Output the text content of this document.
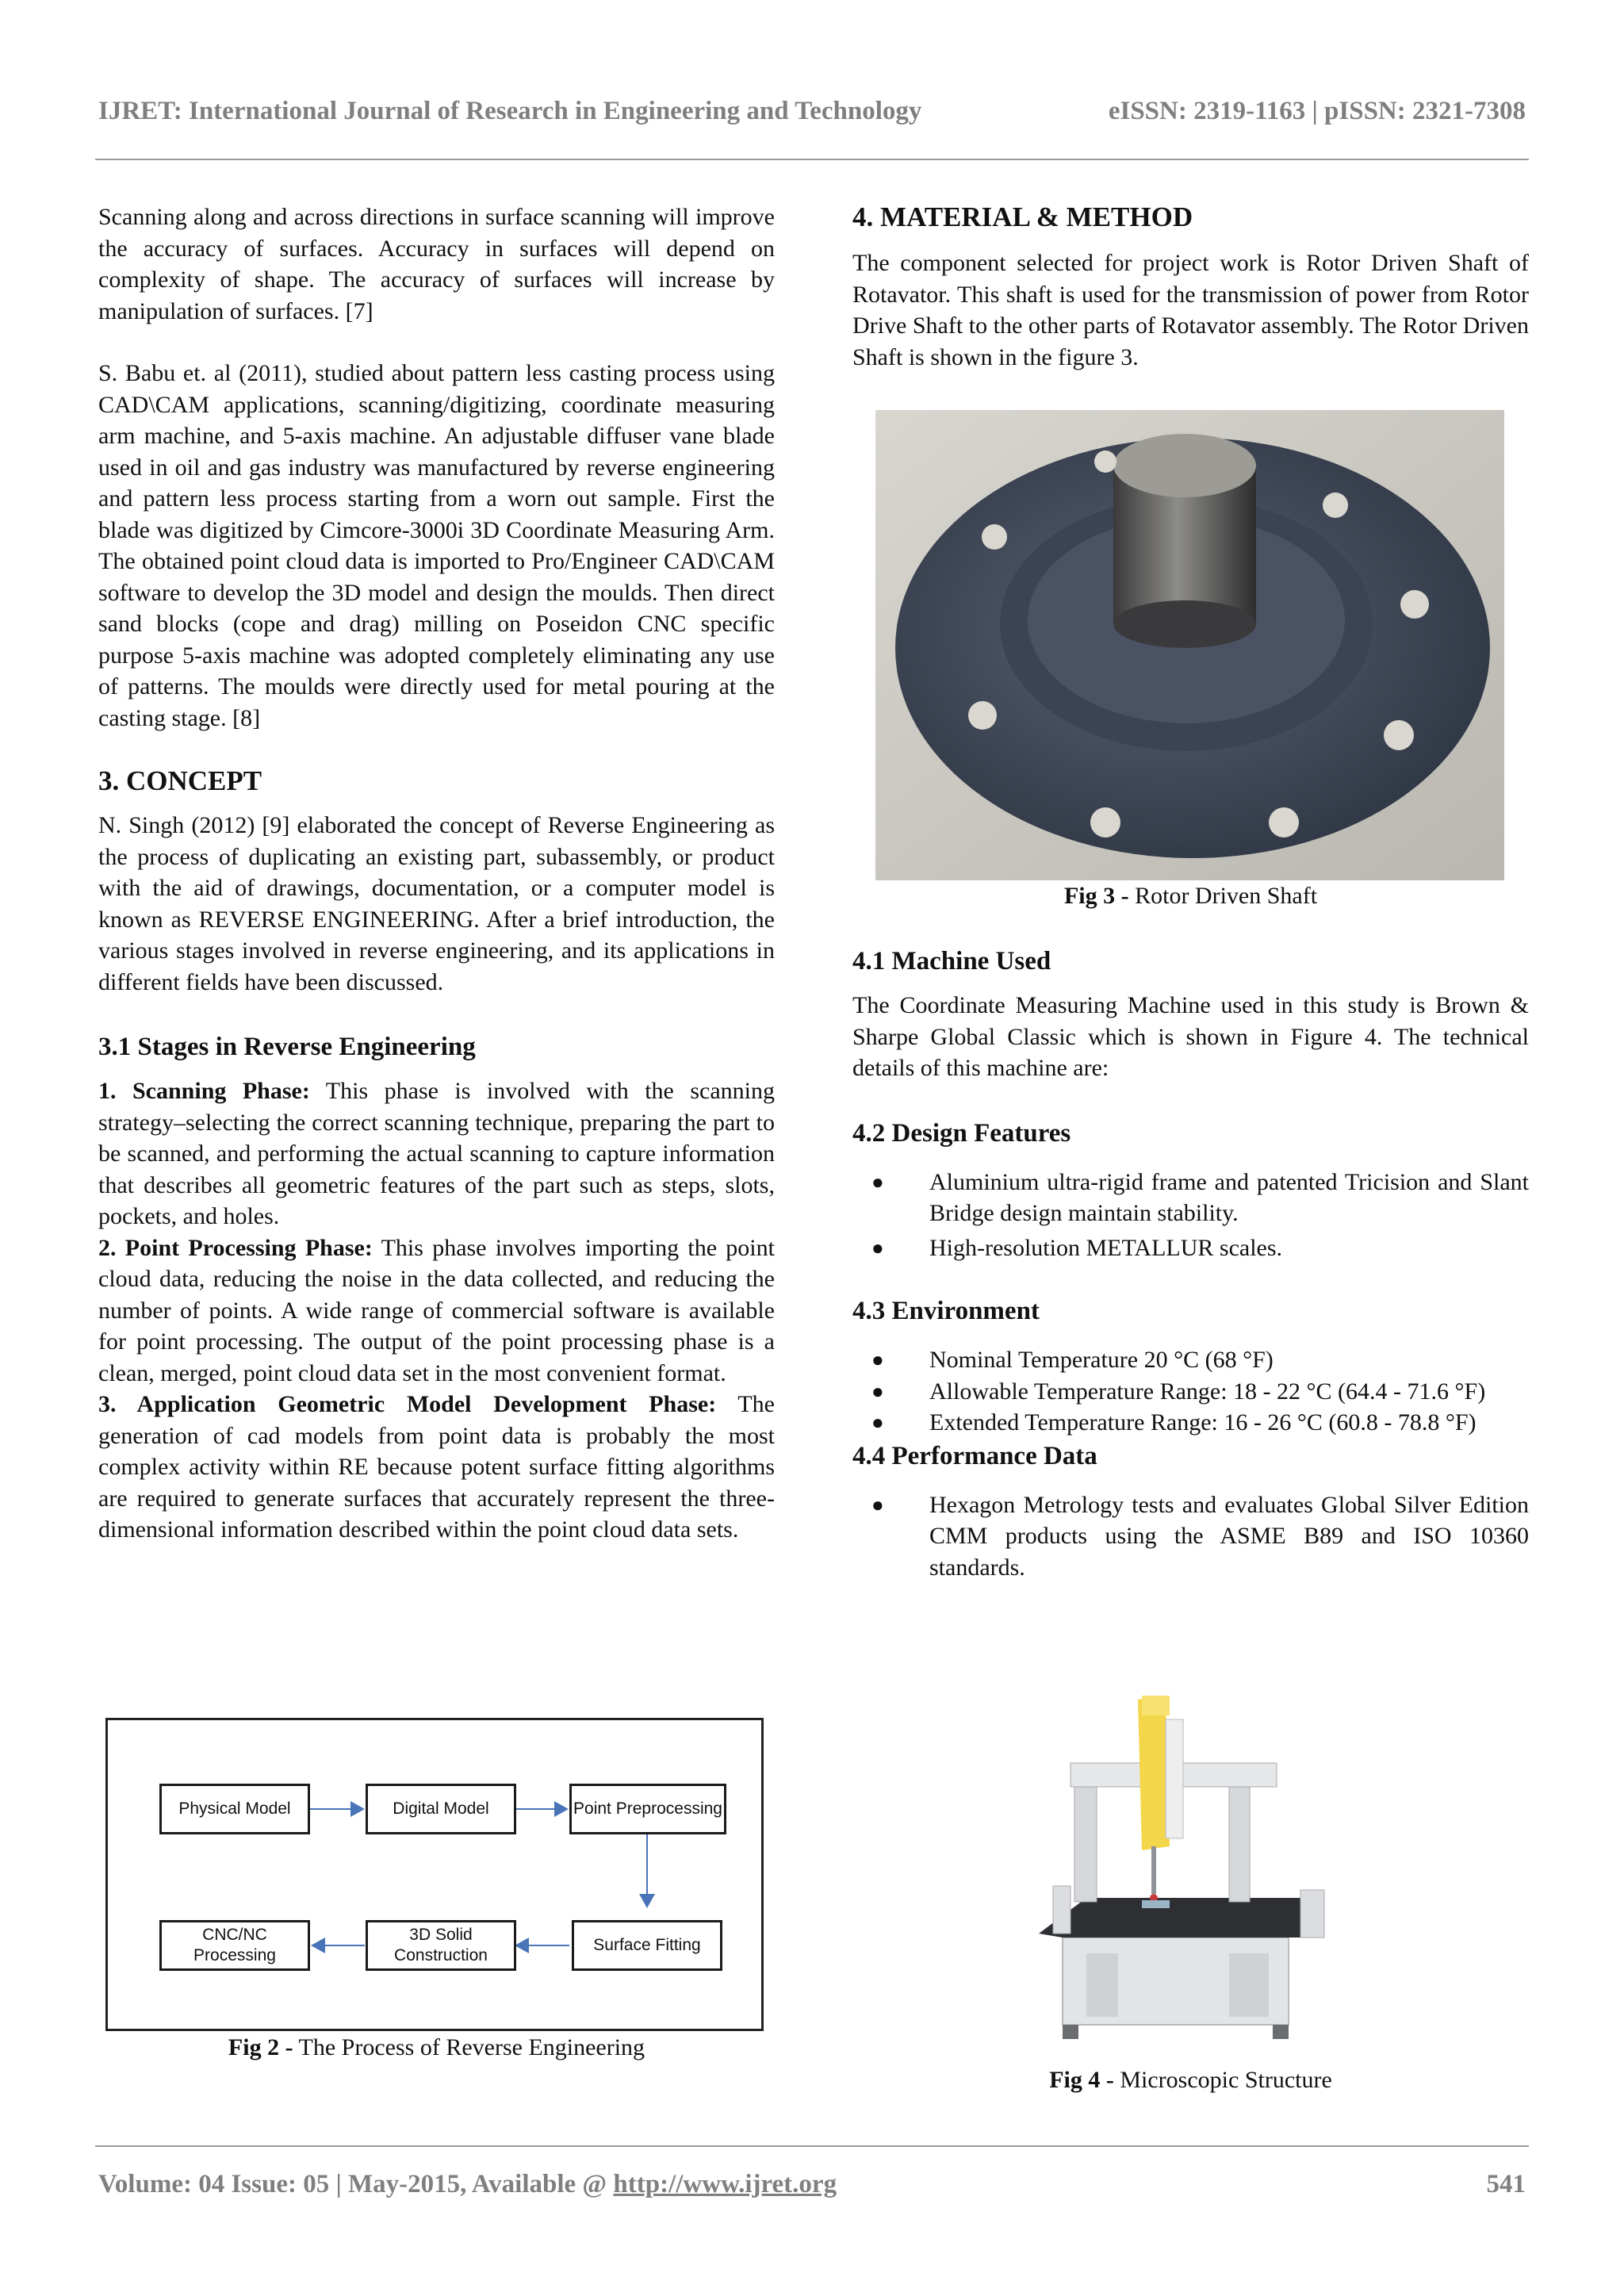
IJRET: International Journal of Research in Engineering and Technology	eISSN: 2319-1163 | pISSN: 2321-7308

Scanning along and across directions in surface scanning will improve the accuracy of surfaces. Accuracy in surfaces will depend on complexity of shape. The accuracy of surfaces will increase by manipulation of surfaces. [7]

S. Babu et. al (2011), studied about pattern less casting process using CAD\CAM applications, scanning/digitizing, coordinate measuring arm machine, and 5-axis machine. An adjustable diffuser vane blade used in oil and gas industry was manufactured by reverse engineering and pattern less process starting from a worn out sample. First the blade was digitized by Cimcore-3000i 3D Coordinate Measuring Arm. The obtained point cloud data is imported to Pro/Engineer CAD\CAM software to develop the 3D model and design the moulds. Then direct sand blocks (cope and drag) milling on Poseidon CNC specific purpose 5-axis machine was adopted completely eliminating any use of patterns. The moulds were directly used for metal pouring at the casting stage. [8]

3. CONCEPT

N. Singh (2012) [9] elaborated the concept of Reverse Engineering as the process of duplicating an existing part, subassembly, or product with the aid of drawings, documentation, or a computer model is known as REVERSE ENGINEERING. After a brief introduction, the various stages involved in reverse engineering, and its applications in different fields have been discussed.

3.1 Stages in Reverse Engineering

1. Scanning Phase: This phase is involved with the scanning strategy–selecting the correct scanning technique, preparing the part to be scanned, and performing the actual scanning to capture information that describes all geometric features of the part such as steps, slots, pockets, and holes.

2. Point Processing Phase: This phase involves importing the point cloud data, reducing the noise in the data collected, and reducing the number of points. A wide range of commercial software is available for point processing. The output of the point processing phase is a clean, merged, point cloud data set in the most convenient format.

3. Application Geometric Model Development Phase: The generation of cad models from point data is probably the most complex activity within RE because potent surface fitting algorithms are required to generate surfaces that accurately represent the three-dimensional information described within the point cloud data sets.

Physical Model	Digital Model	Point Preprocessing
CNC/NC Processing
3D Solid Construction
Surface Fitting
Fig 2 - The Process of Reverse Engineering
4. MATERIAL & METHOD

The component selected for project work is Rotor Driven Shaft of Rotavator. This shaft is used for the transmission of power from Rotor Drive Shaft to the other parts of Rotavator assembly. The Rotor Driven Shaft is shown in the figure 3.

Fig 3 - Rotor Driven Shaft
4.1 Machine Used

The Coordinate Measuring Machine used in this study is Brown & Sharpe Global Classic which is shown in Figure 4. The technical details of this machine are:

4.2 Design Features
● Aluminium ultra-rigid frame and patented Tricision and Slant Bridge design maintain stability.
● High-resolution METALLUR scales.
4.3 Environment
● Nominal Temperature 20 °C (68 °F)
● Allowable Temperature Range: 18 - 22 °C (64.4 - 71.6 °F)
● Extended Temperature Range: 16 - 26 °C (60.8 - 78.8 °F)
4.4 Performance Data
● Hexagon Metrology tests and evaluates Global Silver Edition CMM products using the ASME B89 and ISO 10360 standards.
Fig 4 - Microscopic Structure
Volume: 04 Issue: 05 | May-2015, Available @ http://www.ijret.org	541
